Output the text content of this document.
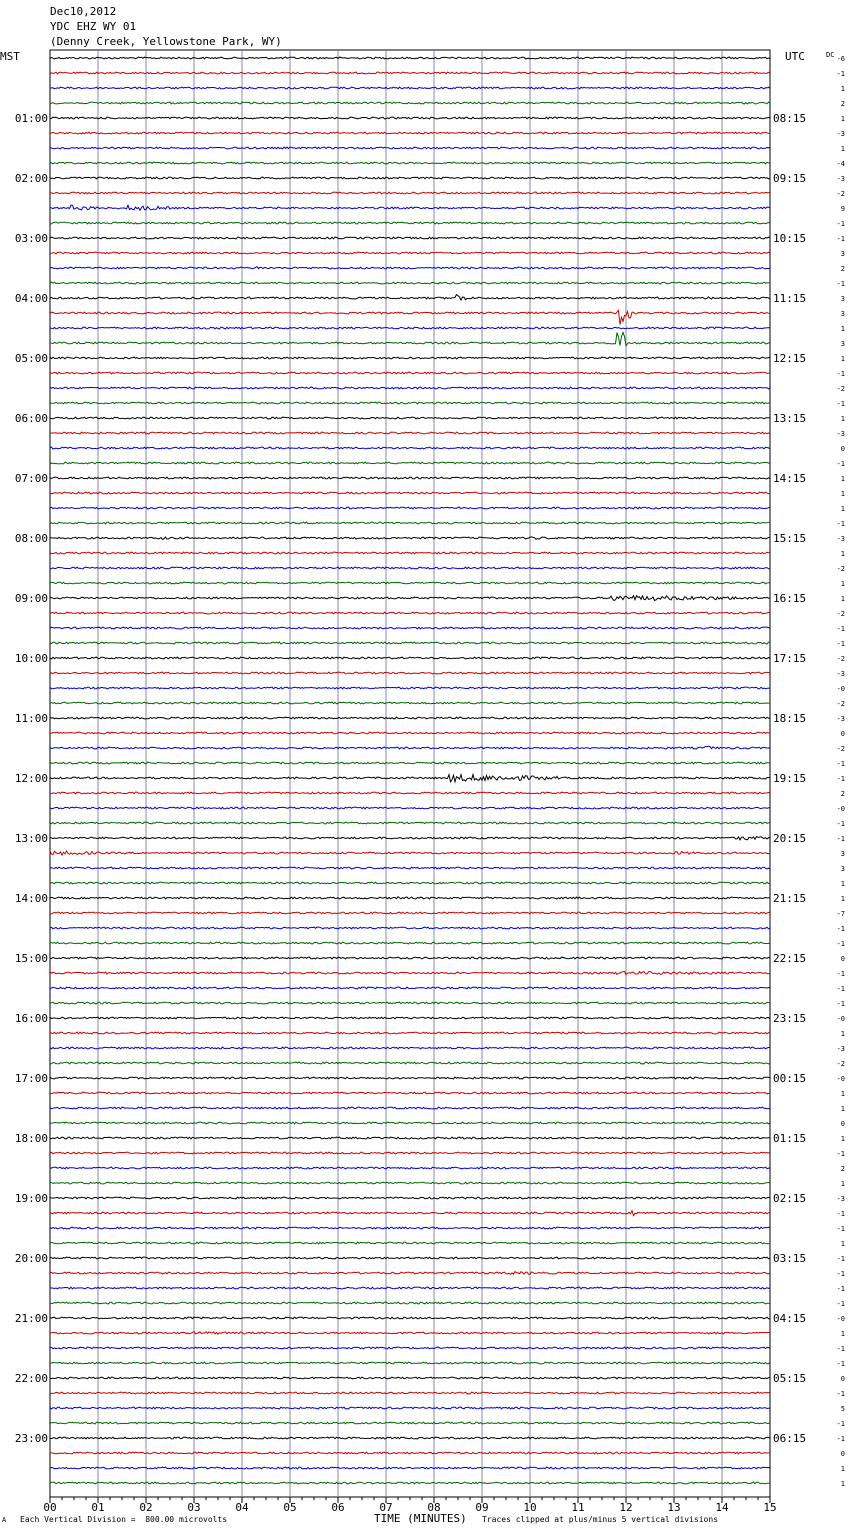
Dec10,2012
YDC EHZ WY 01
(Denny Creek, Yellowstone Park, WY)
MST	UTC	-6
-1
1
2
1
-3
1
-4
-3
-2
9
-1
-1
3
2
-1
3
3
1
3
1
-1
-2
-1
1
-3
0
-1
1
1
1
-1
-3
1
-2
1
1
-2
-1
-1
-2
-3
-0
-2
-3
0
-2
-1
-1
2
-0
-1
-1
3
3
1
1
-7
-1
-1
0
-1
-1
-1
-0
1
-3
-2
-0
1
1
0
1
-1
2
1
-3
-1
-1
1
-1
-1
-1
-1
-0
1
-1
-1
0
-1
5
-1
-1
0
1
1
DC
01:00
02:00
03:00
04:00
05:00
06:00
07:00
08:00
09:00
10:00
11:00
12:00
13:00
14:00
15:00
16:00
17:00
18:00
19:00
20:00
21:00
22:00
23:00
08:15
09:15
10:15
11:15
12:15
13:15
14:15
15:15
16:15
17:15
18:15
19:15
20:15
21:15
22:15
23:15
00:15
01:15
02:15
03:15
04:15
05:15
06:15
00	01	02	03	04	05	06	07	08	09	10	11	12	13	14	15
A Each Vertical Division =  800.00 microvolts	TIME (MINUTES) Traces clipped at plus/minus 5 vertical divisions
